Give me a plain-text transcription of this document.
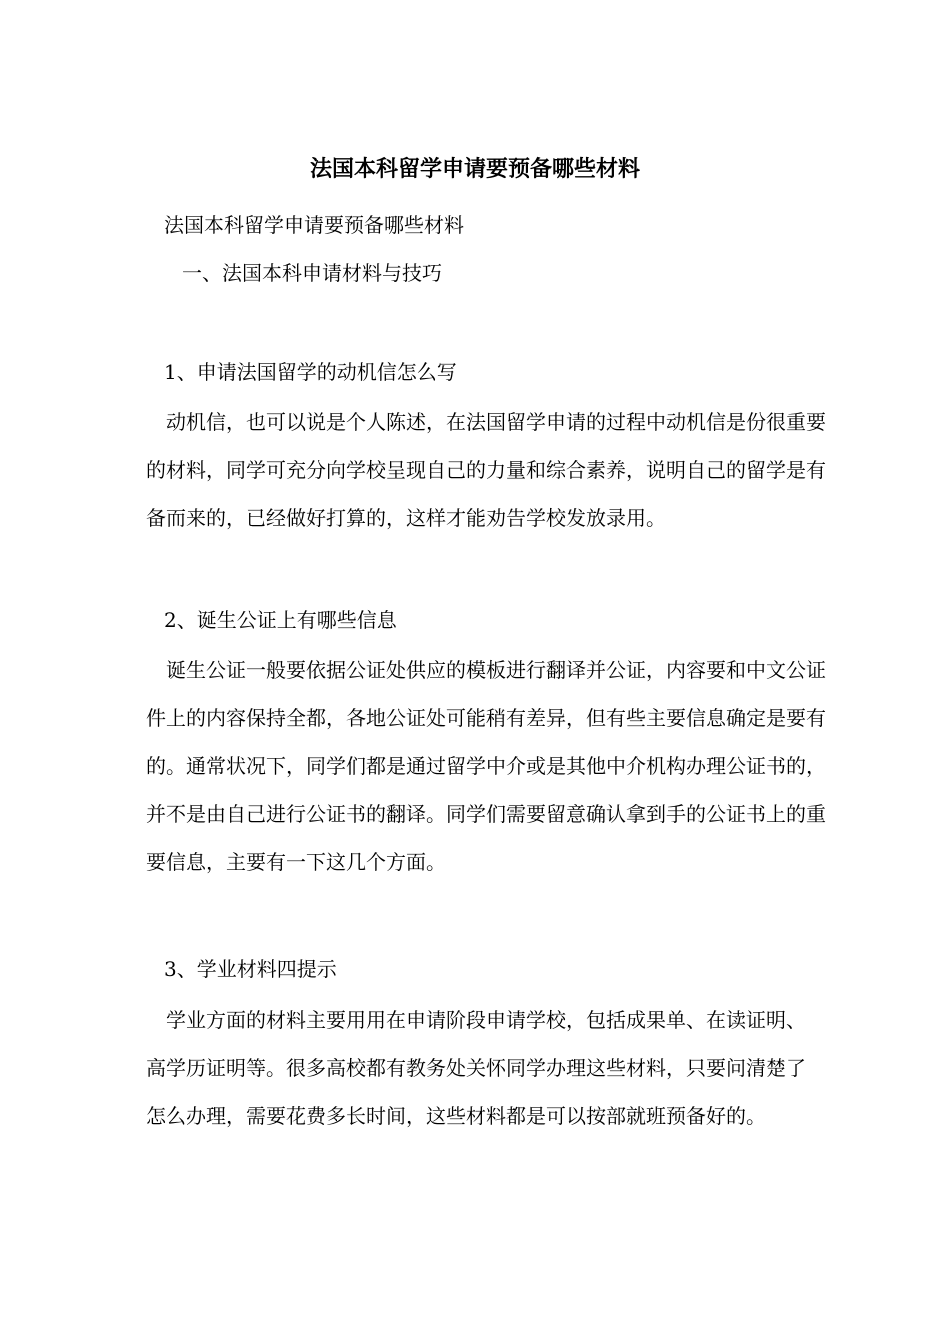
法国本科留学申请要预备哪些材料

法国本科留学申请要预备哪些材料

一、法国本科申请材料与技巧

1、申请法国留学的动机信怎么写

动机信，也可以说是个人陈述，在法国留学申请的过程中动机信是份很重要的材料，同学可充分向学校呈现自己的力量和综合素养，说明自己的留学是有备而来的，已经做好打算的，这样才能劝告学校发放录用。

2、诞生公证上有哪些信息

诞生公证一般要依据公证处供应的模板进行翻译并公证，内容要和中文公证件上的内容保持全都，各地公证处可能稍有差异，但有些主要信息确定是要有的。通常状况下，同学们都是通过留学中介或是其他中介机构办理公证书的，并不是由自己进行公证书的翻译。同学们需要留意确认拿到手的公证书上的重要信息，主要有一下这几个方面。

3、学业材料四提示

学业方面的材料主要用用在申请阶段申请学校，包括成果单、在读证明、高学历证明等。很多高校都有教务处关怀同学办理这些材料，只要问清楚了怎么办理，需要花费多长时间，这些材料都是可以按部就班预备好的。
